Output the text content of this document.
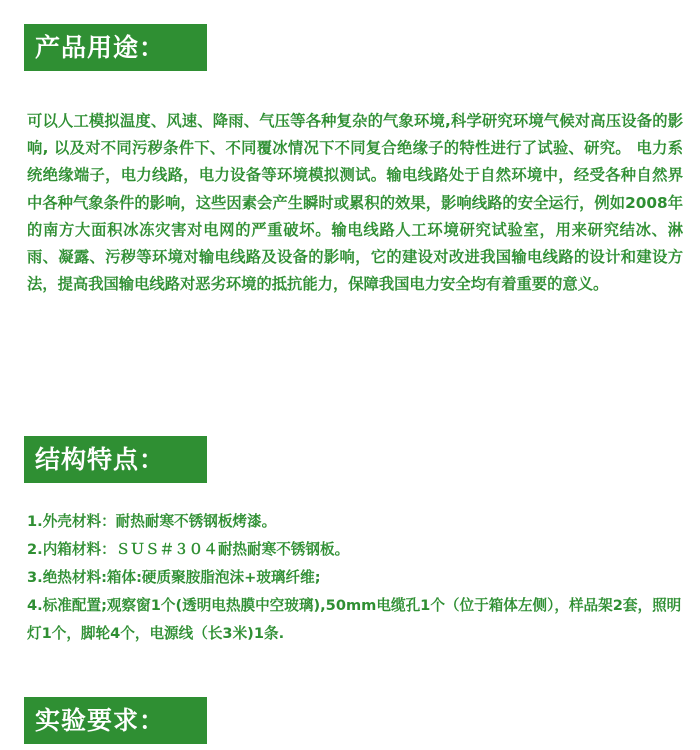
产品用途：

可以人工模拟温度、风速、降雨、气压等各种复杂的气象环境,科学研究环境气候对高压设备的影响, 以及对不同污秽条件下、不同覆冰情况下不同复合绝缘子的特性进行了试验、研究。 电力系统绝缘端子，电力线路，电力设备等环境模拟测试。输电线路处于自然环境中，经受各种自然界中各种气象条件的影响，这些因素会产生瞬时或累积的效果，影响线路的安全运行，例如2008年的南方大面积冰冻灾害对电网的严重破坏。输电线路人工环境研究试验室，用来研究结冰、淋雨、凝露、污秽等环境对输电线路及设备的影响，它的建设对改进我国输电线路的设计和建设方法，提高我国输电线路对恶劣环境的抵抗能力，保障我国电力安全均有着重要的意义。

结构特点：
1.外壳材料：耐热耐寒不锈钢板烤漆。
2.内箱材料：ＳＵＳ＃３０４耐热耐寒不锈钢板。
3.绝热材料:箱体:硬质聚胺脂泡沫+玻璃纤维;
4.标准配置;观察窗1个(透明电热膜中空玻璃),50mm电缆孔1个（位于箱体左侧），样品架2套，照明灯1个，脚轮4个，电源线（长3米)1条.
实验要求：
